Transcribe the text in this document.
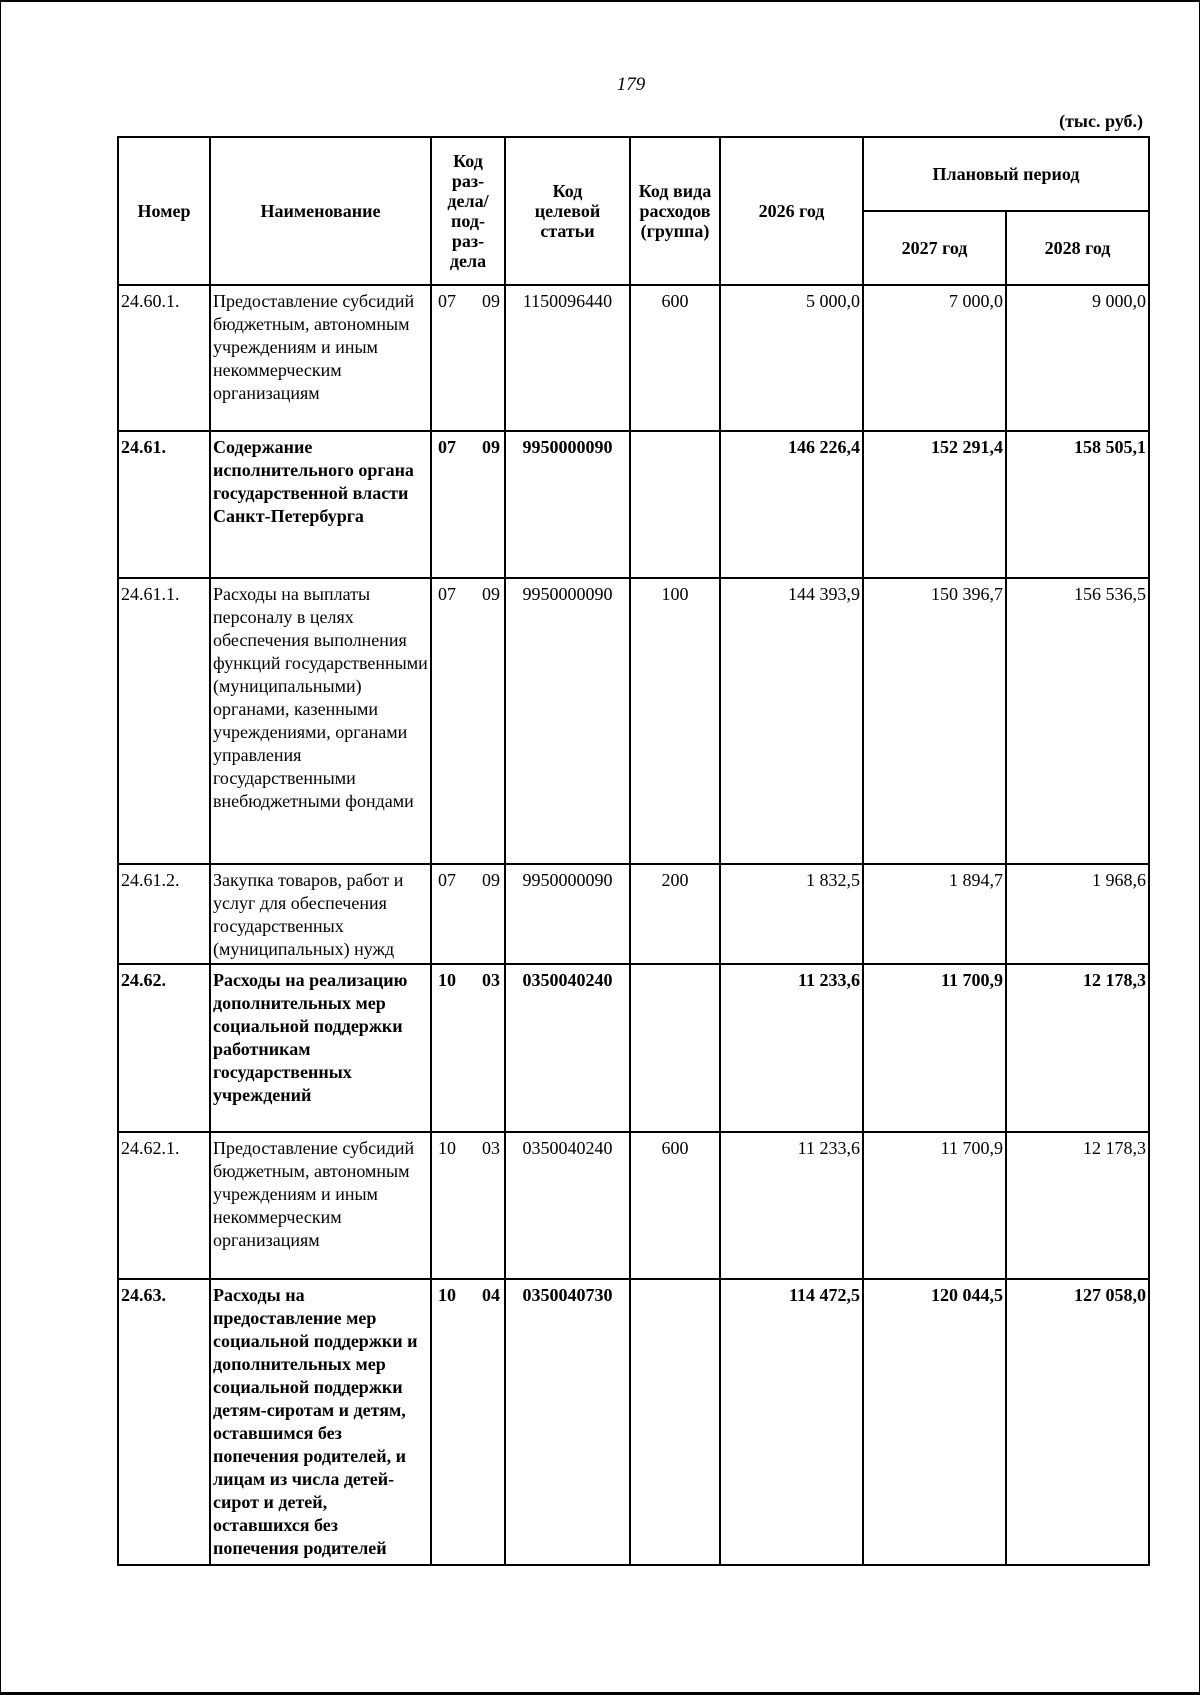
179
(тыс. руб.)
Номер	Наименование	Код раз-дела/ под-раз-дела	Код целевой статьи	Код вида расходов (группа)	2026 год	Плановый период	
						2027 год	2028 год
24.60.1.	Предоставление субсидий бюджетным, автономным учреждениям и иным некоммерческим организациям	07 09	1150096440	600	5 000,0	7 000,0	9 000,0
24.61.	Содержание исполнительного органа государственной власти Санкт-Петербурга	07 09	9950000090		146 226,4	152 291,4	158 505,1
24.61.1.	Расходы на выплаты персоналу в целях обеспечения выполнения функций государственными (муниципальными) органами, казенными учреждениями, органами управления государственными внебюджетными фондами	07 09	9950000090	100	144 393,9	150 396,7	156 536,5
24.61.2.	Закупка товаров, работ и услуг для обеспечения государственных (муниципальных) нужд	07 09	9950000090	200	1 832,5	1 894,7	1 968,6
24.62.	Расходы на реализацию дополнительных мер социальной поддержки работникам государственных учреждений	10 03	0350040240		11 233,6	11 700,9	12 178,3
24.62.1.	Предоставление субсидий бюджетным, автономным учреждениям и иным некоммерческим организациям	10 03	0350040240	600	11 233,6	11 700,9	12 178,3
24.63.	Расходы на предоставление мер социальной поддержки и дополнительных мер социальной поддержки детям-сиротам и детям, оставшимся без попечения родителей, и лицам из числа детей-сирот и детей, оставшихся без попечения родителей	10 04	0350040730		114 472,5	120 044,5	127 058,0
